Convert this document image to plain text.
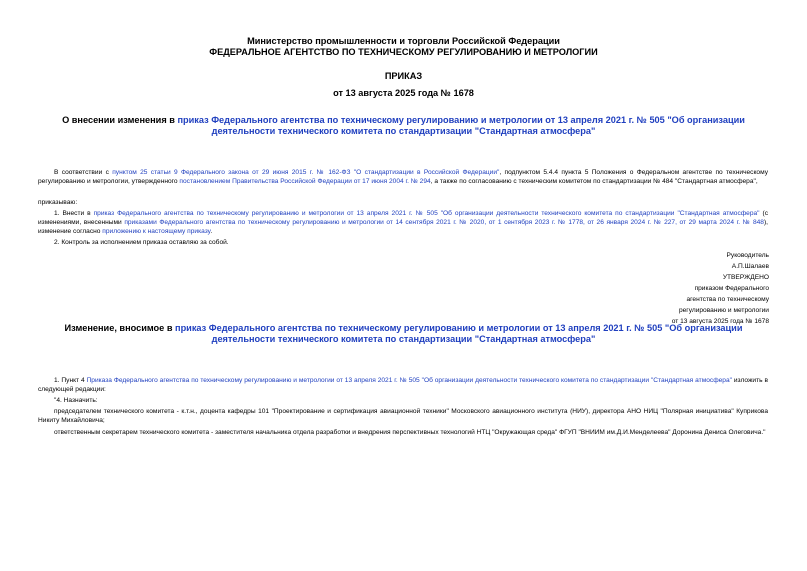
Министерство промышленности и торговли Российской Федерации
ФЕДЕРАЛЬНОЕ АГЕНТСТВО ПО ТЕХНИЧЕСКОМУ РЕГУЛИРОВАНИЮ И МЕТРОЛОГИИ
ПРИКАЗ
от 13 августа 2025 года № 1678
О внесении изменения в приказ Федерального агентства по техническому регулированию и метрологии от 13 апреля 2021 г. № 505 "Об организации деятельности технического комитета по стандартизации "Стандартная атмосфера"
В соответствии с пунктом 25 статьи 9 Федерального закона от 29 июня 2015 г. № 162-ФЗ "О стандартизации в Российской Федерации", подпунктом 5.4.4 пункта 5 Положения о Федеральном агентстве по техническому регулированию и метрологии, утвержденного постановлением Правительства Российской Федерации от 17 июня 2004 г. № 294, а также по согласованию с техническим комитетом по стандартизации № 484 "Стандартная атмосфера",
приказываю:
1. Внести в приказ Федерального агентства по техническому регулированию и метрологии от 13 апреля 2021 г. № 505 "Об организации деятельности технического комитета по стандартизации "Стандартная атмосфера" (с изменениями, внесенными приказами Федерального агентства по техническому регулированию и метрологии от 14 сентября 2021 г. № 2020, от 1 сентября 2023 г. № 1778, от 26 января 2024 г. № 227, от 29 марта 2024 г. № 848), изменение согласно приложению к настоящему приказу.
2. Контроль за исполнением приказа оставляю за собой.
Руководитель
А.П.Шалаев
УТВЕРЖДЕНО
приказом Федерального
агентства по техническому
регулированию и метрологии
от 13 августа 2025 года № 1678
Изменение, вносимое в приказ Федерального агентства по техническому регулированию и метрологии от 13 апреля 2021 г. № 505 "Об организации деятельности технического комитета по стандартизации "Стандартная атмосфера"
1. Пункт 4 Приказа Федерального агентства по техническому регулированию и метрологии от 13 апреля 2021 г. № 505 "Об организации деятельности технического комитета по стандартизации "Стандартная атмосфера" изложить в следующей редакции:
"4. Назначить:
председателем технического комитета - к.т.н., доцента кафедры 101 "Проектирование и сертификация авиационной техники" Московского авиационного института (НИУ), директора АНО НИЦ "Полярная инициатива" Куприкова Никиту Михайловича;
ответственным секретарем технического комитета - заместителя начальника отдела разработки и внедрения перспективных технологий НТЦ "Окружающая среда" ФГУП "ВНИИМ им.Д.И.Менделеева" Доронина Дениса Олеговича."
